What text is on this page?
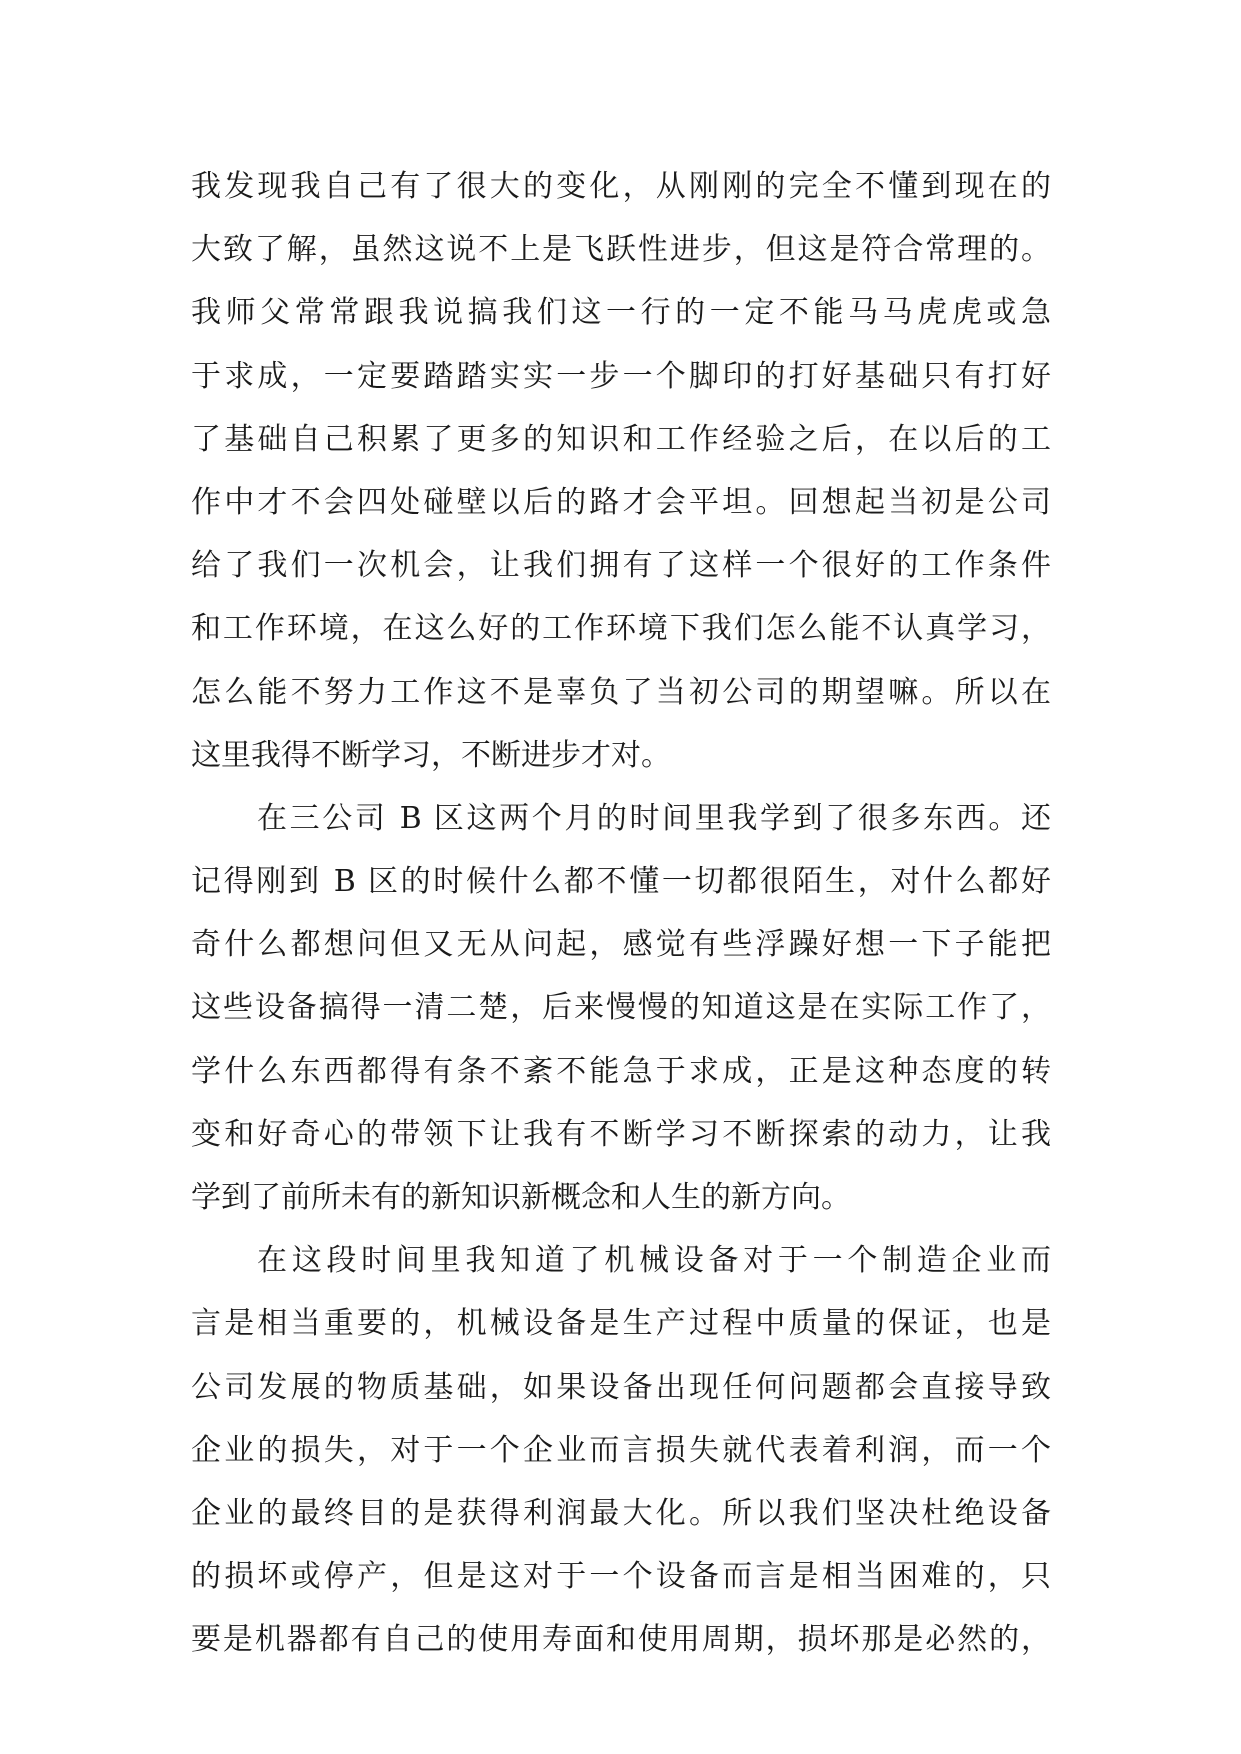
我发现我自己有了很大的变化，从刚刚的完全不懂到现在的
大致了解，虽然这说不上是飞跃性进步，但这是符合常理的。
我师父常常跟我说搞我们这一行的一定不能马马虎虎或急
于求成，一定要踏踏实实一步一个脚印的打好基础只有打好
了基础自己积累了更多的知识和工作经验之后，在以后的工
作中才不会四处碰壁以后的路才会平坦。回想起当初是公司
给了我们一次机会，让我们拥有了这样一个很好的工作条件
和工作环境，在这么好的工作环境下我们怎么能不认真学习，
怎么能不努力工作这不是辜负了当初公司的期望嘛。所以在
这里我得不断学习，不断进步才对。
在三公司 B 区这两个月的时间里我学到了很多东西。还
记得刚到 B 区的时候什么都不懂一切都很陌生，对什么都好
奇什么都想问但又无从问起，感觉有些浮躁好想一下子能把
这些设备搞得一清二楚，后来慢慢的知道这是在实际工作了，
学什么东西都得有条不紊不能急于求成，正是这种态度的转
变和好奇心的带领下让我有不断学习不断探索的动力，让我
学到了前所未有的新知识新概念和人生的新方向。
在这段时间里我知道了机械设备对于一个制造企业而
言是相当重要的，机械设备是生产过程中质量的保证，也是
公司发展的物质基础，如果设备出现任何问题都会直接导致
企业的损失，对于一个企业而言损失就代表着利润，而一个
企业的最终目的是获得利润最大化。所以我们坚决杜绝设备
的损坏或停产，但是这对于一个设备而言是相当困难的，只
要是机器都有自己的使用寿面和使用周期，损坏那是必然的，
